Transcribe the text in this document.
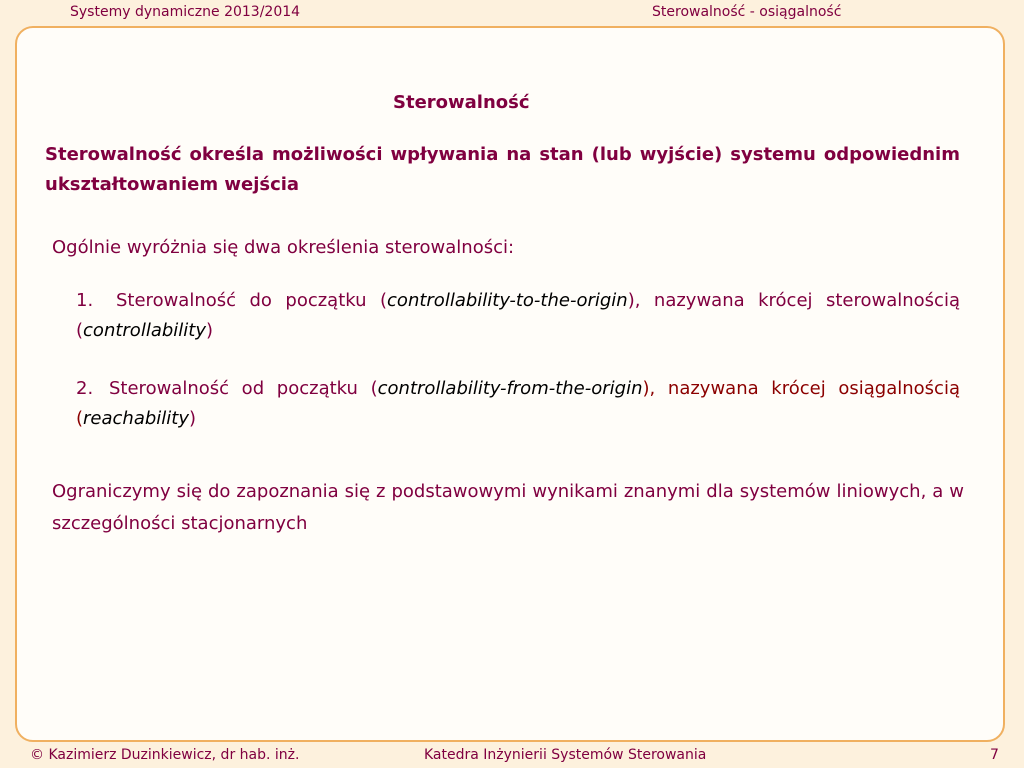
Systemy dynamiczne 2013/2014	Sterowalność - osiągalność
Sterowalność
Sterowalność określa możliwości wpływania na stan (lub wyjście) systemu odpowiednim ukształtowaniem wejścia
Ogólnie wyróżnia się dwa określenia sterowalności:
1. Sterowalność do początku (controllability-to-the-origin), nazywana krócej sterowalnością (controllability)
2. Sterowalność od początku (controllability-from-the-origin), nazywana krócej osiągalnością (reachability)
Ograniczymy się do zapoznania się z podstawowymi wynikami znanymi dla systemów liniowych, a w szczególności stacjonarnych
© Kazimierz Duzinkiewicz, dr hab. inż.	Katedra Inżynierii Systemów Sterowania	7
